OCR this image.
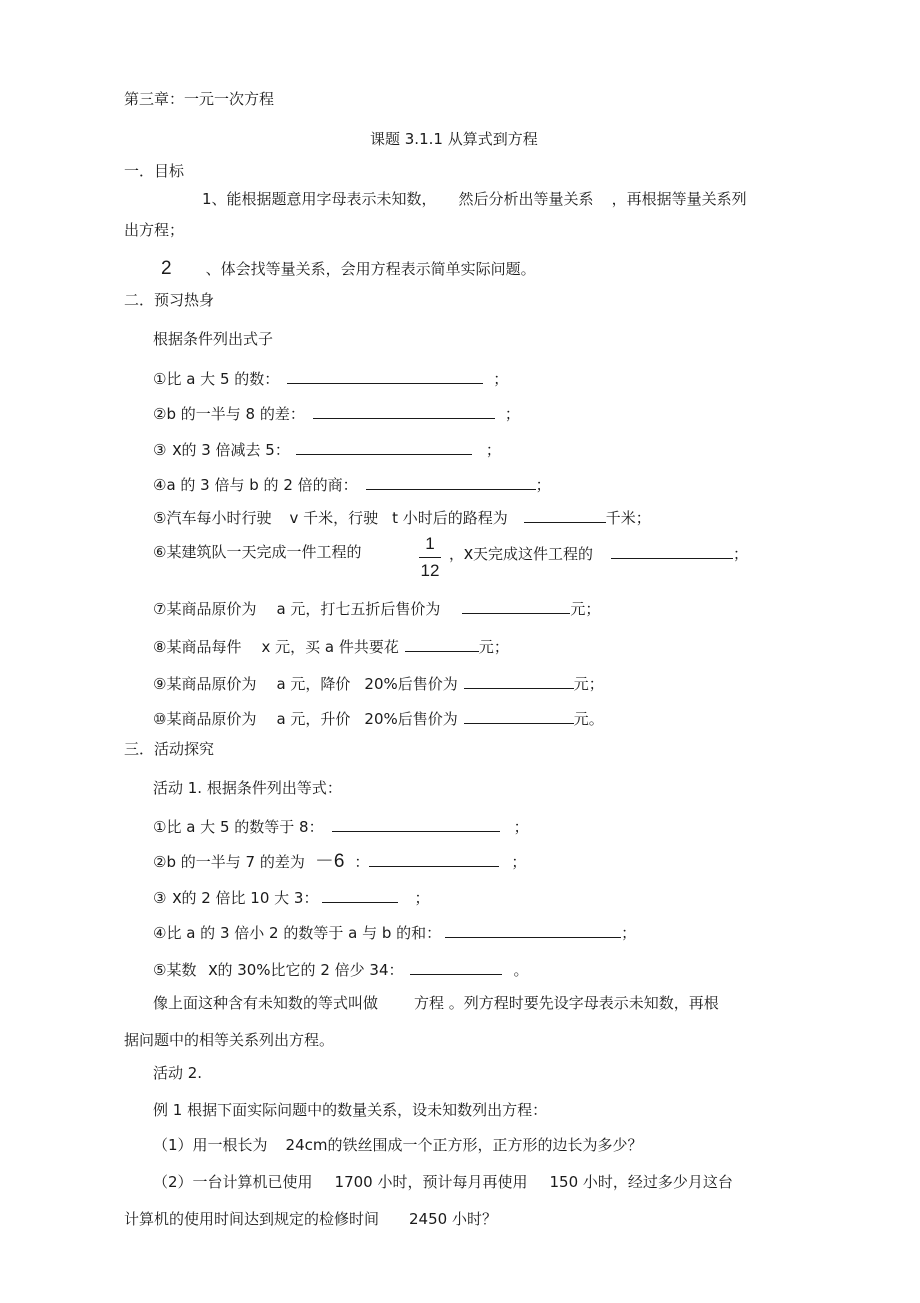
第三章：一元一次方程
课题 3.1.1 从算式到方程
一．目标
1、能根据题意用字母表示未知数， 然后分析出等量关系 ，再根据等量关系列
出方程；
2 、体会找等量关系，会用方程表示简单实际问题。
二．预习热身
根据条件列出式子
①比 a 大 5 的数：	；
②b 的一半与 8 的差：	；
③ x的 3 倍减去 5：	；
④a 的 3 倍与 b 的 2 倍的商：	；
⑤汽车每小时行驶 v 千米，行驶 t 小时后的路程为	千米；
⑥某建筑队一天完成一件工程的	1
12
，x天完成这件工程的	；
⑦某商品原价为 a 元，打七五折后售价为	元；
⑧某商品每件 x 元，买 a 件共要花	元；
⑨某商品原价为 a 元，降价 20%后售价为	元；
⑩某商品原价为 a 元，升价 20%后售价为	元。
三．活动探究
活动 1. 根据条件列出等式：
①比 a 大 5 的数等于 8：	；
②b 的一半与 7 的差为 －6 ：	；
③ x的 2 倍比 10 大 3：	；
④比 a 的 3 倍小 2 的数等于 a 与 b 的和：	；
⑤某数 x的 30%比它的 2 倍少 34：	。
像上面这种含有未知数的等式叫做 方程 。列方程时要先设字母表示未知数，再根
据问题中的相等关系列出方程。
活动 2.
例 1 根据下面实际问题中的数量关系，设未知数列出方程：
（1）用一根长为 24cm的铁丝围成一个正方形，正方形的边长为多少？
（2）一台计算机已使用 1700 小时，预计每月再使用 150 小时，经过多少月这台
计算机的使用时间达到规定的检修时间 2450 小时？
